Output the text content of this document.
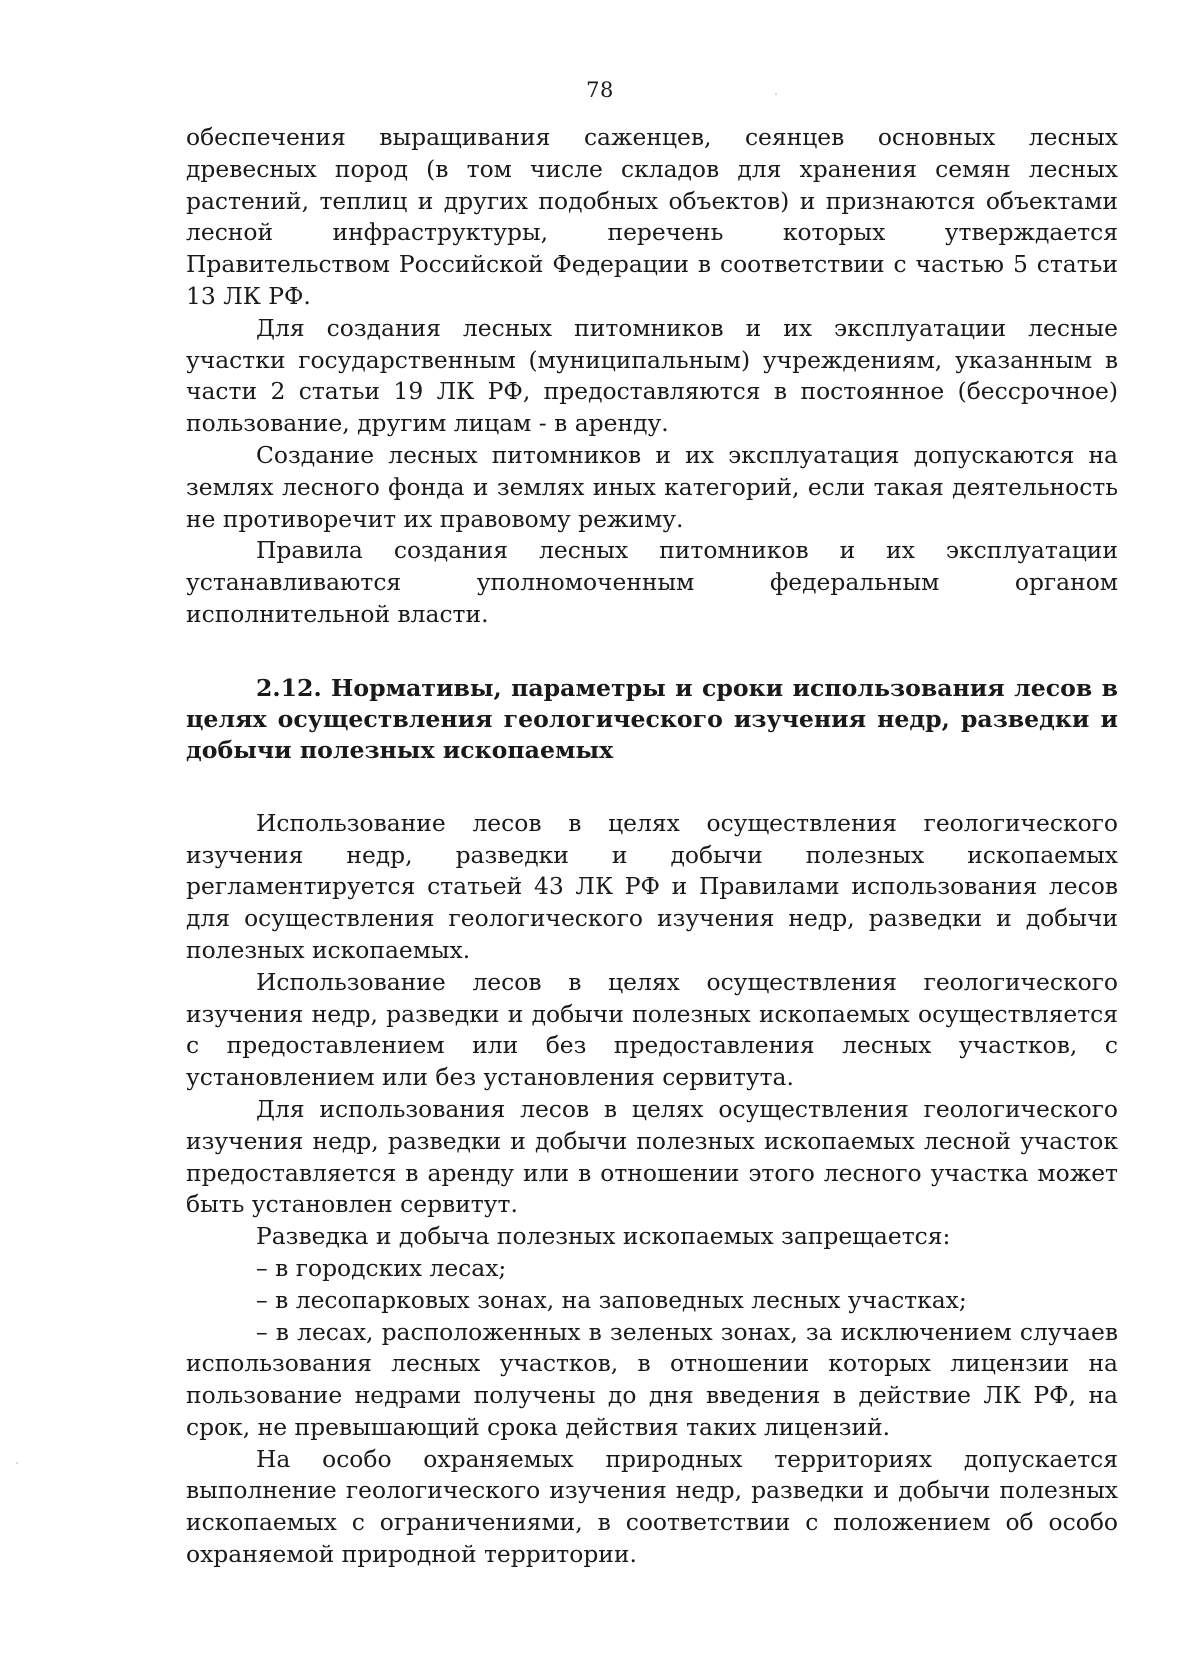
78

обеспечения выращивания саженцев, сеянцев основных лесных древесных пород (в том числе складов для хранения семян лесных растений, теплиц и других подобных объектов) и признаются объектами лесной инфраструктуры, перечень которых утверждается Правительством Российской Федерации в соответствии с частью 5 статьи 13 ЛК РФ.

Для создания лесных питомников и их эксплуатации лесные участки государственным (муниципальным) учреждениям, указанным в части 2 статьи 19 ЛК РФ, предоставляются в постоянное (бессрочное) пользование, другим лицам - в аренду.

Создание лесных питомников и их эксплуатация допускаются на землях лесного фонда и землях иных категорий, если такая деятельность не противоречит их правовому режиму.

Правила создания лесных питомников и их эксплуатации устанавливаются уполномоченным федеральным органом исполнительной власти.

2.12. Нормативы, параметры и сроки использования лесов в целях осуществления геологического изучения недр, разведки и добычи полезных ископаемых

Использование лесов в целях осуществления геологического изучения недр, разведки и добычи полезных ископаемых регламентируется статьей 43 ЛК РФ и Правилами использования лесов для осуществления геологического изучения недр, разведки и добычи полезных ископаемых.

Использование лесов в целях осуществления геологического изучения недр, разведки и добычи полезных ископаемых осуществляется с предоставлением или без предоставления лесных участков, с установлением или без установления сервитута.

Для использования лесов в целях осуществления геологического изучения недр, разведки и добычи полезных ископаемых лесной участок предоставляется в аренду или в отношении этого лесного участка может быть установлен сервитут.

Разведка и добыча полезных ископаемых запрещается:

– в городских лесах;

– в лесопарковых зонах, на заповедных лесных участках;

– в лесах, расположенных в зеленых зонах, за исключением случаев использования лесных участков, в отношении которых лицензии на пользование недрами получены до дня введения в действие ЛК РФ, на срок, не превышающий срока действия таких лицензий.

На особо охраняемых природных территориях допускается выполнение геологического изучения недр, разведки и добычи полезных ископаемых с ограничениями, в соответствии с положением об особо охраняемой природной территории.
